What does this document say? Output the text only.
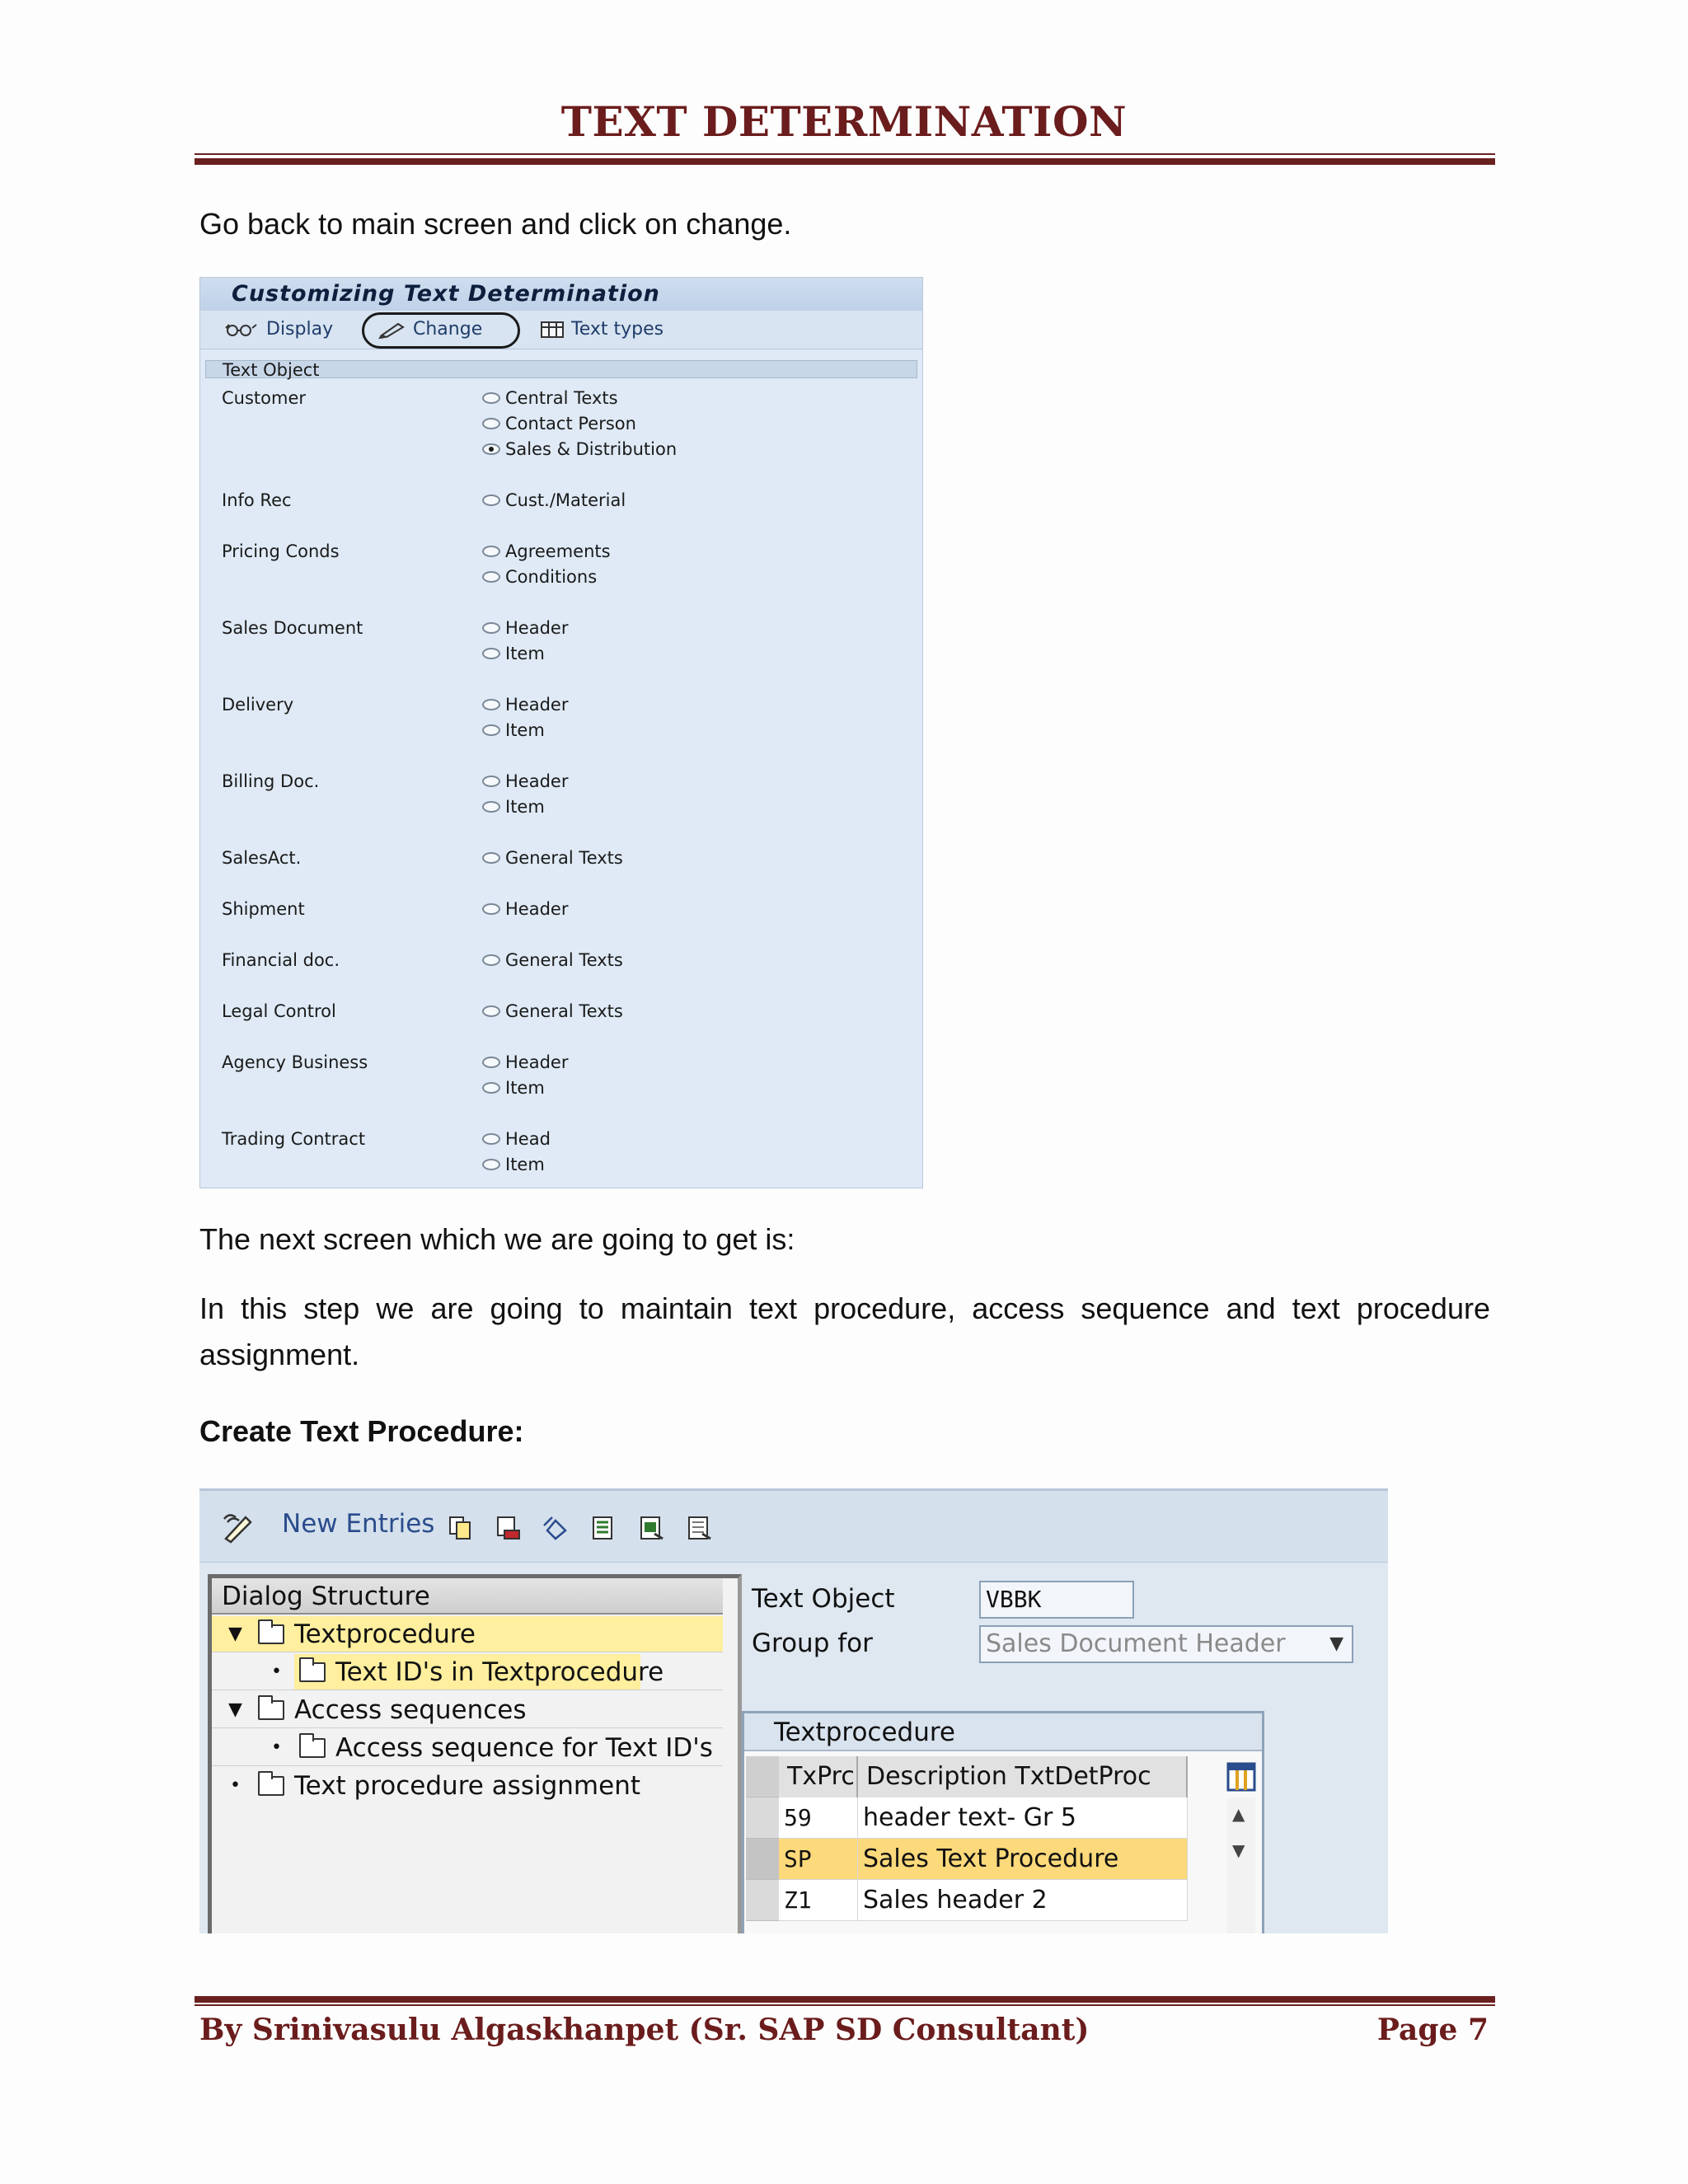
TEXT DETERMINATION
Go back to main screen and click on change.
Customizing Text Determination
Display	Change	Text types
Text Object
Customer	Central Texts
Contact Person
Sales & Distribution
Info Rec	Cust./Material
Pricing Conds	Agreements
Conditions
Sales Document	Header
Item
Delivery	Header
Item
Billing Doc.	Header
Item
SalesAct.	General Texts
Shipment	Header
Financial doc.	General Texts
Legal Control	General Texts
Agency Business	Header
Item
Trading Contract	Head
Item
The next screen which we are going to get is:
In this step we are going to maintain text procedure, access sequence and text procedure assignment.
Create Text Procedure:
New Entries
Dialog Structure
▼ Textprocedure
• Text ID's in Textprocedure
▼ Access sequences
• Access sequence for Text ID's
• Text procedure assignment
Text Object	VBBK
Group for	Sales Document Header ▼
Textprocedure
TxPrc Description TxtDetProc
59	header text- Gr 5
SP	Sales Text Procedure
Z1	Sales header 2
▲
▼
By Srinivasulu Algaskhanpet (Sr. SAP SD Consultant)	Page 7
